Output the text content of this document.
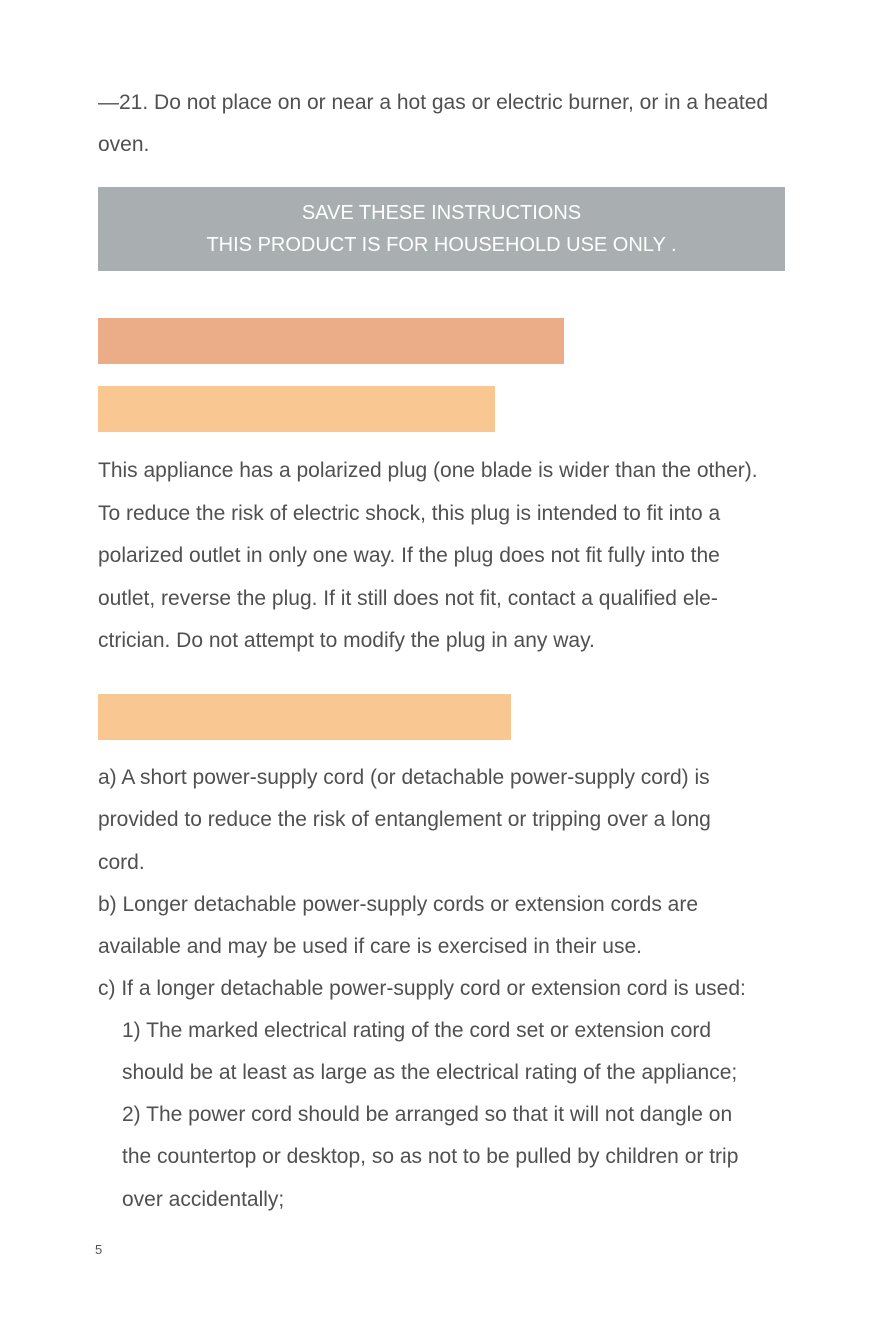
—21. Do not place on or near a hot gas or electric burner, or in a heated
oven.
SAVE THESE INSTRUCTIONS
THIS PRODUCT IS FOR HOUSEHOLD USE ONLY .
This appliance has a polarized plug (one blade is wider than the other).
To reduce the risk of electric shock, this plug is intended to fit into a
polarized outlet in only one way. If the plug does not fit fully into the
outlet, reverse the plug. If it still does not fit, contact a qualified ele-
ctrician. Do not attempt to modify the plug in any way.
a) A short power-supply cord (or detachable power-supply cord) is
provided to reduce the risk of entanglement or tripping over a long
cord.
b) Longer detachable power-supply cords or extension cords are
available and may be used if care is exercised in their use.
c) If a longer detachable power-supply cord or extension cord is used:
1) The marked electrical rating of the cord set or extension cord
should be at least as large as the electrical rating of the appliance;
2) The power cord should be arranged so that it will not dangle on
the countertop or desktop, so as not to be pulled by children or trip
over accidentally;
5
